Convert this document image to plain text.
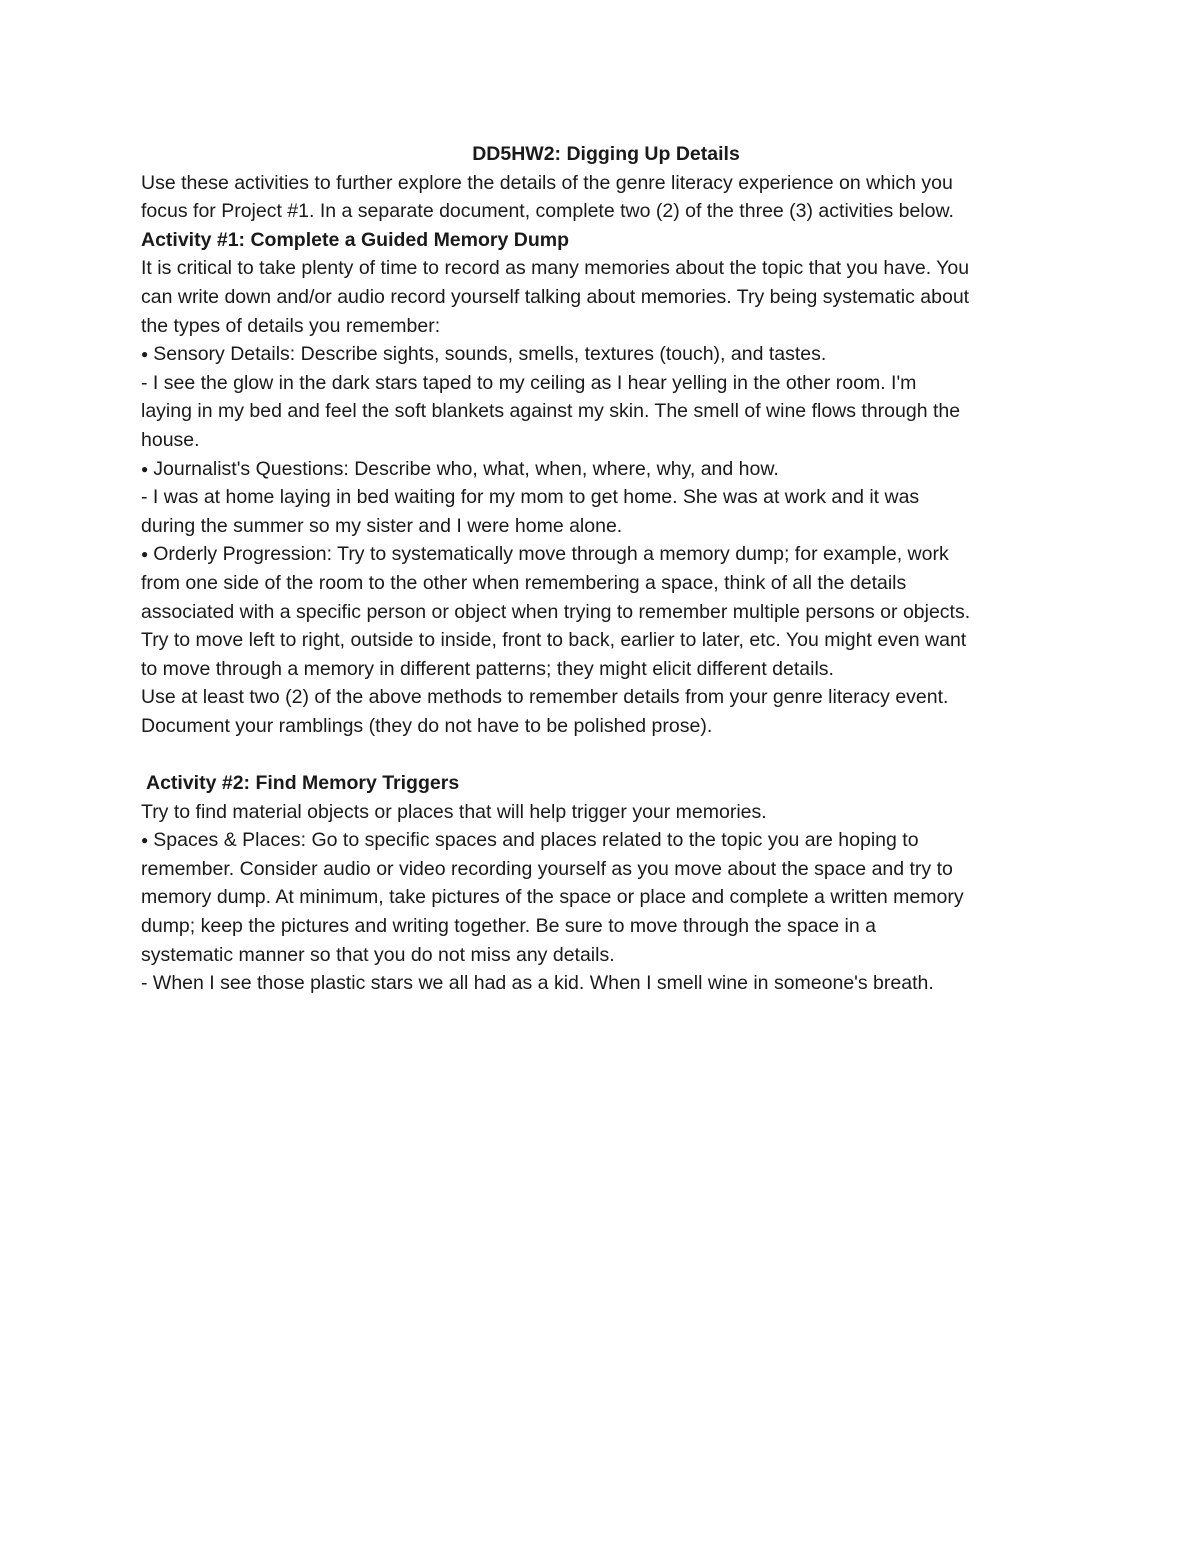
DD5HW2: Digging Up Details

Use these activities to further explore the details of the genre literacy experience on which you

focus for Project #1. In a separate document, complete two (2) of the three (3) activities below.

Activity #1: Complete a Guided Memory Dump

It is critical to take plenty of time to record as many memories about the topic that you have. You

can write down and/or audio record yourself talking about memories. Try being systematic about

the types of details you remember:

● Sensory Details: Describe sights, sounds, smells, textures (touch), and tastes.

- I see the glow in the dark stars taped to my ceiling as I hear yelling in the other room. I'm

laying in my bed and feel the soft blankets against my skin. The smell of wine flows through the

house.

● Journalist's Questions: Describe who, what, when, where, why, and how.

- I was at home laying in bed waiting for my mom to get home. She was at work and it was

during the summer so my sister and I were home alone.

● Orderly Progression: Try to systematically move through a memory dump; for example, work

from one side of the room to the other when remembering a space, think of all the details

associated with a specific person or object when trying to remember multiple persons or objects.

Try to move left to right, outside to inside, front to back, earlier to later, etc. You might even want

to move through a memory in different patterns; they might elicit different details.

Use at least two (2) of the above methods to remember details from your genre literacy event.

Document your ramblings (they do not have to be polished prose).

Activity #2: Find Memory Triggers

Try to find material objects or places that will help trigger your memories.

● Spaces & Places: Go to specific spaces and places related to the topic you are hoping to

remember. Consider audio or video recording yourself as you move about the space and try to

memory dump. At minimum, take pictures of the space or place and complete a written memory

dump; keep the pictures and writing together. Be sure to move through the space in a

systematic manner so that you do not miss any details.

- When I see those plastic stars we all had as a kid. When I smell wine in someone's breath.
